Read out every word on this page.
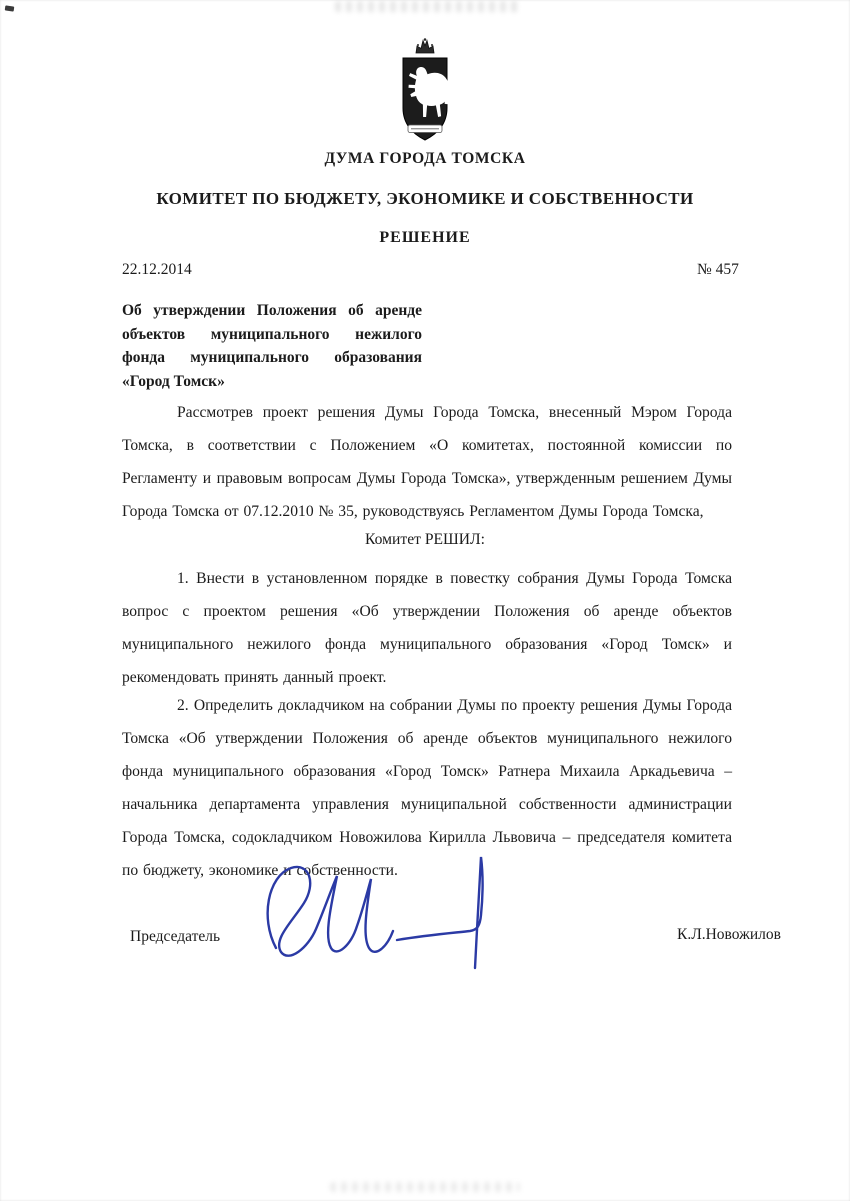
ДУМА ГОРОДА ТОМСКА
КОМИТЕТ ПО БЮДЖЕТУ, ЭКОНОМИКЕ И СОБСТВЕННОСТИ
РЕШЕНИЕ
22.12.2014	№ 457
Об утверждении Положения об аренде объектов муниципального нежилого фонда муниципального образования «Город Томск»
Рассмотрев проект решения Думы Города Томска, внесенный Мэром Города Томска, в соответствии с Положением «О комитетах, постоянной комиссии по Регламенту и правовым вопросам Думы Города Томска», утвержденным решением Думы Города Томска от 07.12.2010 № 35, руководствуясь Регламентом Думы Города Томска,
Комитет РЕШИЛ:
1. Внести в установленном порядке в повестку собрания Думы Города Томска вопрос с проектом решения «Об утверждении Положения об аренде объектов муниципального нежилого фонда муниципального образования «Город Томск» и рекомендовать принять данный проект.
2. Определить докладчиком на собрании Думы по проекту решения Думы Города Томска «Об утверждении Положения об аренде объектов муниципального нежилого фонда муниципального образования «Город Томск» Ратнера Михаила Аркадьевича – начальника департамента управления муниципальной собственности администрации Города Томска, содокладчиком Новожилова Кирилла Львовича – председателя комитета по бюджету, экономике и собственности.
Председатель	К.Л.Новожилов
